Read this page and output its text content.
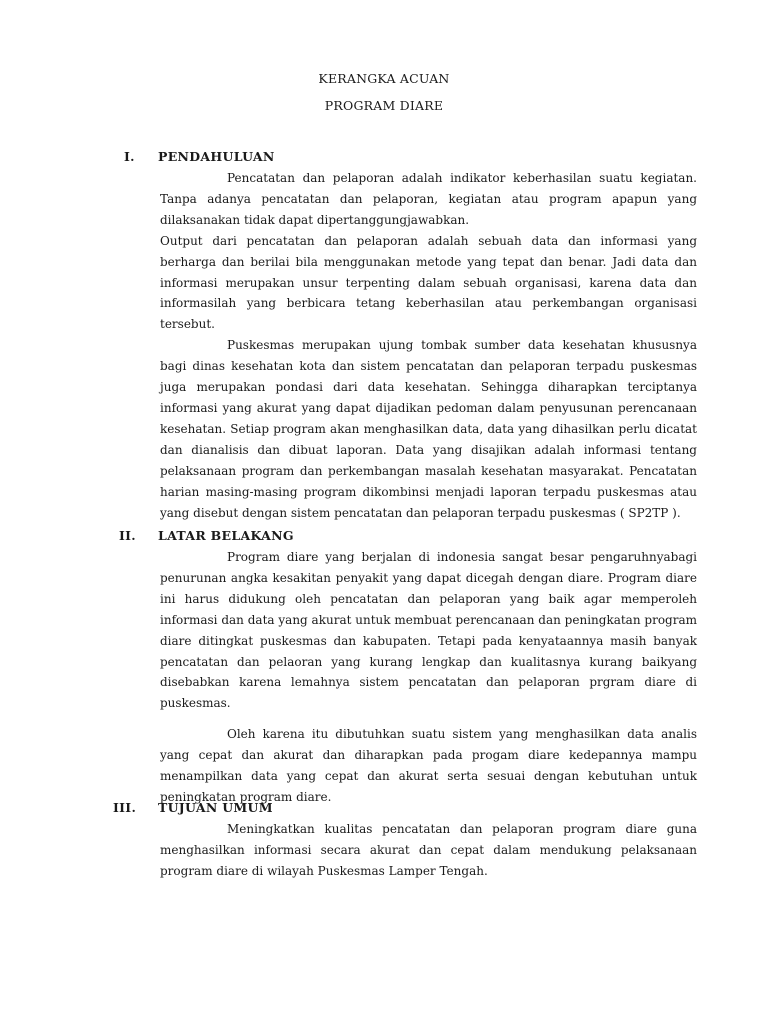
KERANGKA ACUAN
PROGRAM DIARE
I. PENDAHULUAN

Pencatatan dan pelaporan adalah indikator keberhasilan suatu kegiatan. Tanpa adanya pencatatan dan pelaporan, kegiatan atau program apapun yang dilaksanakan tidak dapat dipertanggungjawabkan.

Output dari pencatatan dan pelaporan adalah sebuah data dan informasi yang berharga dan berilai bila menggunakan metode yang tepat dan benar. Jadi data dan informasi merupakan unsur terpenting dalam sebuah organisasi, karena data dan informasilah yang berbicara tetang keberhasilan atau perkembangan organisasi tersebut.

Puskesmas merupakan ujung tombak sumber data kesehatan khususnya bagi dinas kesehatan kota dan sistem pencatatan dan pelaporan terpadu puskesmas juga merupakan pondasi dari data kesehatan. Sehingga diharapkan terciptanya informasi yang akurat yang dapat dijadikan pedoman dalam penyusunan perencanaan kesehatan. Setiap program akan menghasilkan data, data yang dihasilkan perlu dicatat dan dianalisis dan dibuat laporan. Data yang disajikan adalah informasi tentang pelaksanaan program dan perkembangan masalah kesehatan masyarakat. Pencatatan harian masing-masing program dikombinsi menjadi laporan terpadu puskesmas atau yang disebut dengan sistem pencatatan dan pelaporan terpadu puskesmas ( SP2TP ).

II. LATAR BELAKANG

Program diare yang berjalan di indonesia sangat besar pengaruhnyabagi penurunan angka kesakitan penyakit yang dapat dicegah dengan diare. Program diare ini harus didukung oleh pencatatan dan pelaporan yang baik agar memperoleh informasi dan data yang akurat untuk membuat perencanaan dan peningkatan program diare ditingkat puskesmas dan kabupaten. Tetapi pada kenyataannya masih banyak pencatatan dan pelaoran yang kurang lengkap dan kualitasnya kurang baikyang disebabkan karena lemahnya sistem pencatatan dan pelaporan prgram diare di puskesmas.

Oleh karena itu dibutuhkan suatu sistem yang menghasilkan data analis yang cepat dan akurat dan diharapkan pada progam diare kedepannya mampu menampilkan data yang cepat dan akurat serta sesuai dengan kebutuhan untuk peningkatan program diare.

III. TUJUAN UMUM

Meningkatkan kualitas pencatatan dan pelaporan program diare guna menghasilkan informasi secara akurat dan cepat dalam mendukung pelaksanaan program diare di wilayah Puskesmas Lamper Tengah.
